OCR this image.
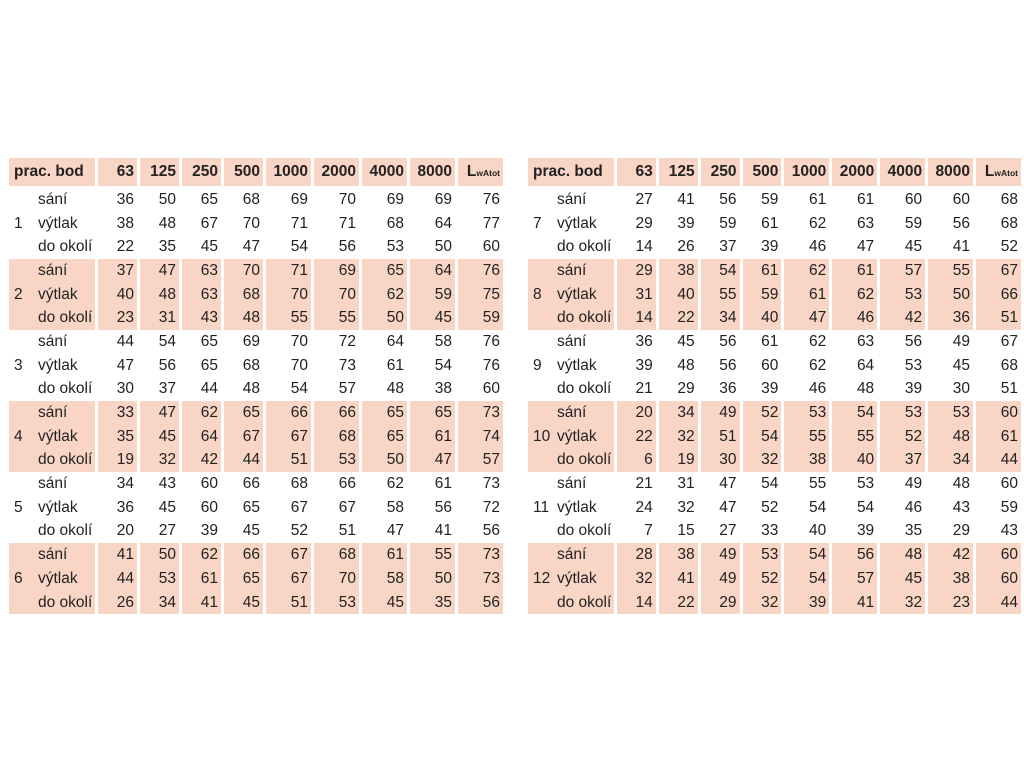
prac. bod	63	125	250	500	1000	2000	4000	8000	LwAtot
sání	36	50	65	68	69	70	69	69	76
1 výtlak	38	48	67	70	71	71	68	64	77
do okolí	22	35	45	47	54	56	53	50	60
sání	37	47	63	70	71	69	65	64	76
2 výtlak	40	48	63	68	70	70	62	59	75
do okolí	23	31	43	48	55	55	50	45	59
sání	44	54	65	69	70	72	64	58	76
3 výtlak	47	56	65	68	70	73	61	54	76
do okolí	30	37	44	48	54	57	48	38	60
sání	33	47	62	65	66	66	65	65	73
4 výtlak	35	45	64	67	67	68	65	61	74
do okolí	19	32	42	44	51	53	50	47	57
sání	34	43	60	66	68	66	62	61	73
5 výtlak	36	45	60	65	67	67	58	56	72
do okolí	20	27	39	45	52	51	47	41	56
sání	41	50	62	66	67	68	61	55	73
6 výtlak	44	53	61	65	67	70	58	50	73
do okolí	26	34	41	45	51	53	45	35	56
prac. bod	63	125	250	500	1000	2000	4000	8000	LwAtot
sání	27	41	56	59	61	61	60	60	68
7 výtlak	29	39	59	61	62	63	59	56	68
do okolí	14	26	37	39	46	47	45	41	52
sání	29	38	54	61	62	61	57	55	67
8 výtlak	31	40	55	59	61	62	53	50	66
do okolí	14	22	34	40	47	46	42	36	51
sání	36	45	56	61	62	63	56	49	67
9 výtlak	39	48	56	60	62	64	53	45	68
do okolí	21	29	36	39	46	48	39	30	51
sání	20	34	49	52	53	54	53	53	60
10 výtlak	22	32	51	54	55	55	52	48	61
do okolí	6	19	30	32	38	40	37	34	44
sání	21	31	47	54	55	53	49	48	60
11 výtlak	24	32	47	52	54	54	46	43	59
do okolí	7	15	27	33	40	39	35	29	43
sání	28	38	49	53	54	56	48	42	60
12 výtlak	32	41	49	52	54	57	45	38	60
do okolí	14	22	29	32	39	41	32	23	44
